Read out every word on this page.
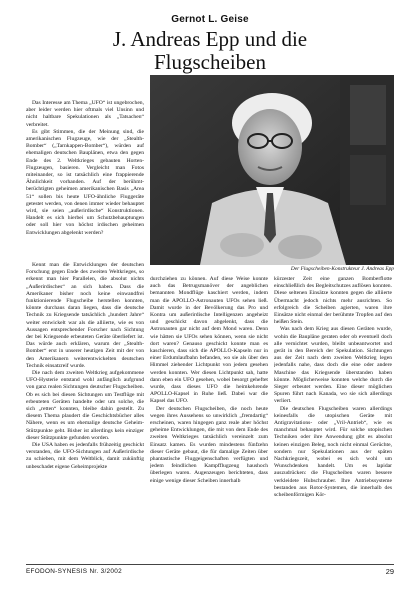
Gernot L. Geise
J. Andreas Epp und die
Flugscheiben

Das Interesse am Thema „UFO“ ist ungebrochen, aber leider werden hier oftmals viel Unsinn und nicht haltbare Spekulationen als „Tatsachen“ verbreitet.

Es gibt Stimmen, die der Meinung sind, die amerikanischen Flugzeuge, wie der „Stealth-Bomber“ („Tarnkappen-Bomber“), würden auf ehemaligen deutschen Bauplänen, etwa den gegen Ende des 2. Weltkrieges gebauten Horten-Flugzeugen, basieren. Vergleicht man Fotos miteinander, so ist tatsächlich eine frappierende Ähnlichkeit vorhanden. Auf der berühmt-berüchtigten geheimen amerikanischen Basis „Area 51“ sollen bis heute UFO-ähnliche Fluggeräte getestet werden, von denen immer wieder behauptet wird, sie seien „außerirdische“ Konstruktionen. Handelt es sich hierbei um Schutzbehauptungen oder soll hier von höchst irdischen geheimen Entwicklungen abgelenkt werden?

Der Flugscheiben-Konstrukteur J. Andreas Epp

Kennt man die Entwicklungen der deutschen Forschung gegen Ende des zweiten Weltkrieges, so erkennt man hier Parallelen, die absolut nichts „Außerirdisches“ an sich haben. Dass die Amerikaner bisher noch keine einwandfrei funktionierende Flugscheibe herstellen konnten, könnte durchaus daran liegen, dass die deutsche Technik zu Kriegsende tatsächlich „hundert Jahre“ weiter entwickelt war als die alliierte, wie es von Aussagen entsprechender Forscher nach Sichtung der bei Kriegsende erbeuteten Geräte überliefert ist. Das würde auch erklären, warum der „Stealth-Bomber“ erst in unserer heutigen Zeit mit der von den Amerikanern weiterentwickelten deutschen Technik einsatzreif wurde.

Die nach dem zweiten Weltkrieg aufgekommene UFO-Hysterie entstand wohl anfänglich aufgrund von ganz realen Sichtungen deutscher Flugscheiben. Ob es sich bei diesen Sichtungen um Testflüge mit erbeuteten Geräten handelte oder um solche, die sich „retten“ konnten, bleibe dahin gestellt. Zu diesem Thema plaudert die Geschichtsbücher alles Nähere, wenn es um ehemalige deutsche Geheim-Stützpunkte geht. Bisher ist allerdings kein einziger dieser Stützpunkte gefunden worden.

Die USA haben es jedenfalls frühzeitig geschickt verstanden, die UFO-Sichtungen auf Außerirdische zu schieben, mit dem Weltblick, damit zukünftig unbeschadet eigene Geheimprojekte

durchziehen zu können. Auf diese Weise konnte auch das Betrugsmanöver der angeblichen bemannten Mondflüge kaschiert werden, indem man die APOLLO-Astronauten UFOs sehen ließ. Damit wurde in der Bevölkerung das Pro und Kontra um außerirdische Intelligenzen angeheizt und geschickt davon abgelenkt, dass die Astronauten gar nicht auf dem Mond waren. Denn wie hätten sie UFOs sehen können, wenn sie nicht dort waren? Genauso geschickt konnte man es kaschieren, dass sich die APOLLO-Kapseln nur in einer Erdumlaufbahn befanden, wo sie als über den Himmel ziehender Lichtpunkt von jedem gesehen werden konnten. Wer diesen Lichtpunkt sah, hatte dann eben ein UFO gesehen, wobei besorgt geheftet wurde, dass dieses UFO die heimkehrende APOLLO-Kapsel in Ruhe ließ. Dabei war die Kapsel das UFO.

Der deutschen Flugscheiben, die noch heute wegen ihres Aussehens so unwirklich „fremdartig“ erscheinen, waren hingegen ganz reale aber höchst geheime Entwicklungen, die mit von dem Ende des zweiten Weltkrieges tatsächlich vereinzelt zum Einsatz kamen. Es wurden mindestens fünfzehn dieser Geräte gebaut, die für damalige Zeiten über phantastische Fluggeigenschaften verfügten und jedem feindlichen Kampfflugzeug haushoch überlegen waren. Augenzeugen berichteten, dass einige wenige dieser Scheiben innerhalb

kürzester Zeit eine ganzen Bomberflotte einschließlich des Begleitschutzes auflösen konnten. Diese seltenen Einsätze konnten gegen die alliierte Übermacht jedoch nichts mehr ausrichten. So erfolgreich die Scheiben agierten, waren ihre Einsätze nicht einmal der berühmte Tropfen auf den heißen Stein.

Was nach dem Krieg aus diesen Geräten wurde, wohin die Baupläne geraten oder ob eventuell doch alle vernichtet wurden, bleibt unbeantwortet und gerät in den Bereich der Spekulation. Sichtungen aus der Zeit nach dem zweiten Weltkrieg legen jedenfalls nahe, dass doch die eine oder andere Maschine das Kriegsende überstanden haben könnte. Möglicherweise konnten welche durch die Sieger erbeutet werden. Eine dieser möglichen Spuren führt nach Kanada, wo sie sich allerdings verliert.

Die deutschen Flugscheiben waren allerdings keinesfalls die utopischen Geräte mit Antigravitations- oder „Vril-Antrieb“, wie es manchmal behauptet wird. Für solche utopischen Techniken oder ihre Anwendung gibt es absolut keinen einzigen Beleg, noch nicht einmal Gerüchte, sondern nur Spekulationen aus der späten Nachkriegszeit, wobei es sich wohl um Wunschdenken handelt. Um es lapidar auszudrücken: die Flugscheiben waren bessere verkleidete Hubschrauber. Ihre Antriebssysteme bestanden aus Rotor-Systemen, die innerhalb des scheibenförmigen Kör-

EFODON-SYNESIS Nr. 3/2002	29
